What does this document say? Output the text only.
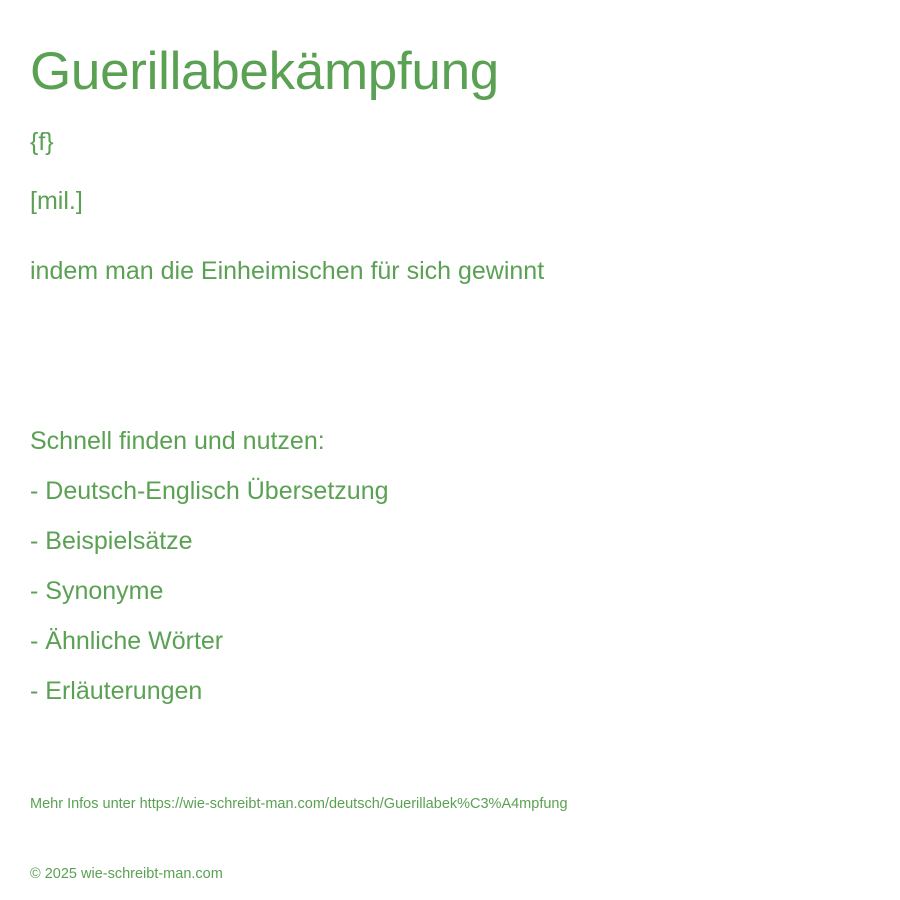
Guerillabekämpfung
{f}
[mil.]
indem man die Einheimischen für sich gewinnt
Schnell finden und nutzen:
- Deutsch-Englisch Übersetzung
- Beispielsätze
- Synonyme
- Ähnliche Wörter
- Erläuterungen
Mehr Infos unter https://wie-schreibt-man.com/deutsch/Guerillabek%C3%A4mpfung
© 2025 wie-schreibt-man.com
